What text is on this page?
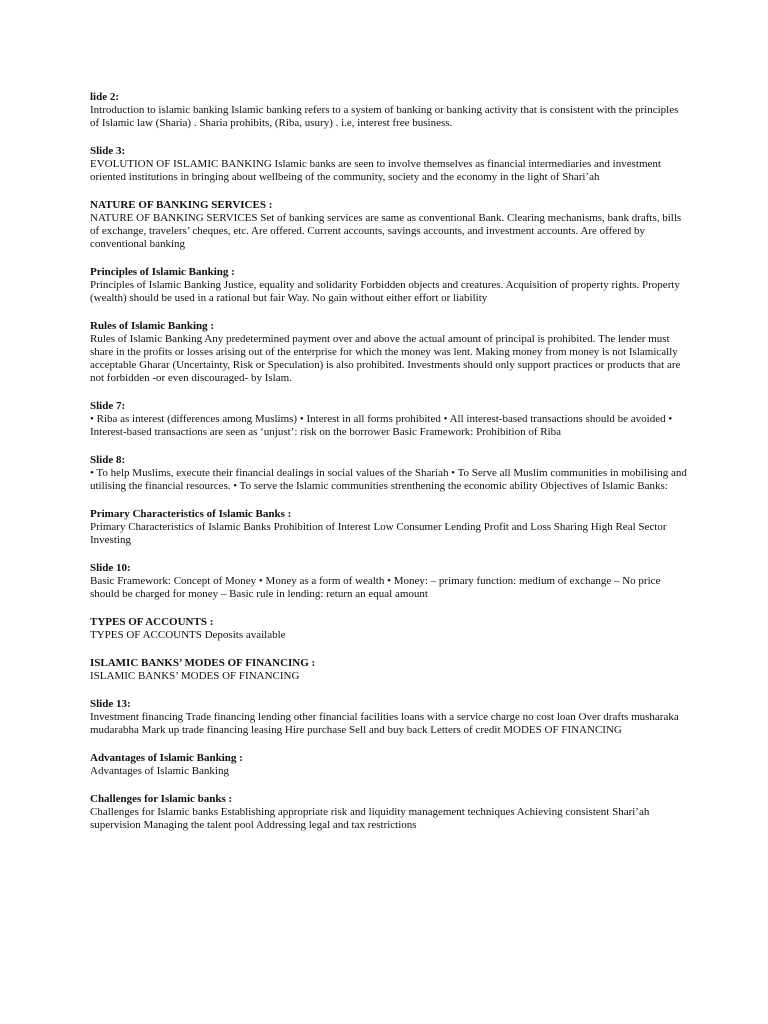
lide 2:

Introduction to islamic banking Islamic banking refers to a system of banking or banking activity that is consistent with the principles of Islamic law (Sharia) . Sharia prohibits, (Riba, usury) . i.e, interest free business.

Slide 3:

EVOLUTION OF ISLAMIC BANKING Islamic banks are seen to involve themselves as financial intermediaries and investment oriented institutions in bringing about wellbeing of the community, society and the economy in the light of Shari’ah

NATURE OF BANKING SERVICES :

NATURE OF BANKING SERVICES Set of banking services are same as conventional Bank. Clearing mechanisms, bank drafts, bills of exchange, travelers’ cheques, etc. Are offered. Current accounts, savings accounts, and investment accounts. Are offered by conventional banking

Principles of Islamic Banking :

Principles of Islamic Banking Justice, equality and solidarity Forbidden objects and creatures. Acquisition of property rights. Property (wealth) should be used in a rational but fair Way. No gain without either effort or liability

Rules of Islamic Banking :

Rules of Islamic Banking Any predetermined payment over and above the actual amount of principal is prohibited. The lender must share in the profits or losses arising out of the enterprise for which the money was lent. Making money from money is not Islamically acceptable Gharar (Uncertainty, Risk or Speculation) is also prohibited. Investments should only support practices or products that are not forbidden -or even discouraged- by Islam.

Slide 7:

• Riba as interest (differences among Muslims) • Interest in all forms prohibited • All interest-based transactions should be avoided • Interest-based transactions are seen as ‘unjust’: risk on the borrower Basic Framework: Prohibition of Riba

Slide 8:

• To help Muslims, execute their financial dealings in social values of the Shariah • To Serve all Muslim communities in mobilising and utilising the financial resources. • To serve the Islamic communities strenthening the economic ability Objectives of Islamic Banks:

Primary Characteristics of Islamic Banks :

Primary Characteristics of Islamic Banks Prohibition of Interest Low Consumer Lending Profit and Loss Sharing High Real Sector Investing

Slide 10:

Basic Framework: Concept of Money • Money as a form of wealth • Money: – primary function: medium of exchange – No price should be charged for money – Basic rule in lending: return an equal amount

TYPES OF ACCOUNTS :

TYPES OF ACCOUNTS Deposits available

ISLAMIC BANKS’ MODES OF FINANCING :

ISLAMIC BANKS’ MODES OF FINANCING

Slide 13:

Investment financing Trade financing lending other financial facilities loans with a service charge no cost loan Over drafts musharaka mudarabha Mark up trade financing leasing Hire purchase Sell and buy back Letters of credit MODES OF FINANCING

Advantages of Islamic Banking :

Advantages of Islamic Banking

Challenges for Islamic banks :

Challenges for Islamic banks Establishing appropriate risk and liquidity management techniques Achieving consistent Shari’ah supervision Managing the talent pool Addressing legal and tax restrictions
